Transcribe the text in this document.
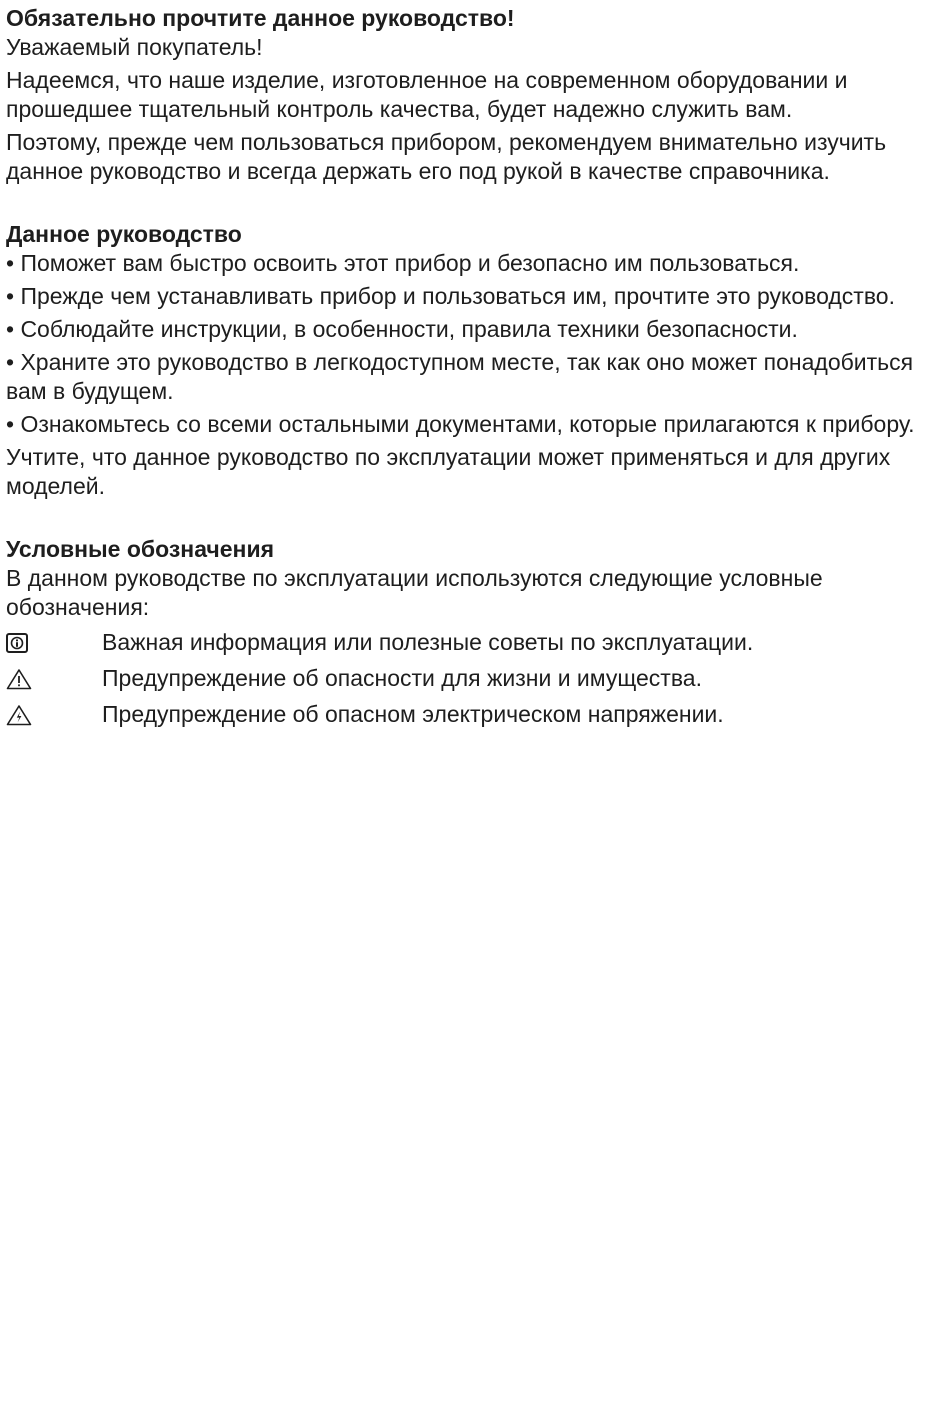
Обязательно прочтите данное руководство!

Уважаемый покупатель!

Надеемся, что наше изделие, изготовленное на современном оборудовании и прошедшее тщательный контроль качества, будет надежно служить вам.

Поэтому, прежде чем пользоваться прибором, рекомендуем внимательно изучить данное руководство и всегда держать его под рукой в качестве справочника.

Данное руководство

• Поможет вам быстро освоить этот прибор и безопасно им пользоваться.

• Прежде чем устанавливать прибор и пользоваться им, прочтите это руководство.

• Соблюдайте инструкции, в особенности, правила техники безопасности.

• Храните это руководство в легкодоступном месте, так как оно может понадобиться вам в будущем.

• Ознакомьтесь со всеми остальными документами, которые прилагаются к прибору.

Учтите, что данное руководство по эксплуатации может применяться и для других моделей.

Условные обозначения

В данном руководстве по эксплуатации используются следующие условные обозначения:

Важная информация или полезные советы по эксплуатации.
Предупреждение об опасности для жизни и имущества.
Предупреждение об опасном электрическом напряжении.
